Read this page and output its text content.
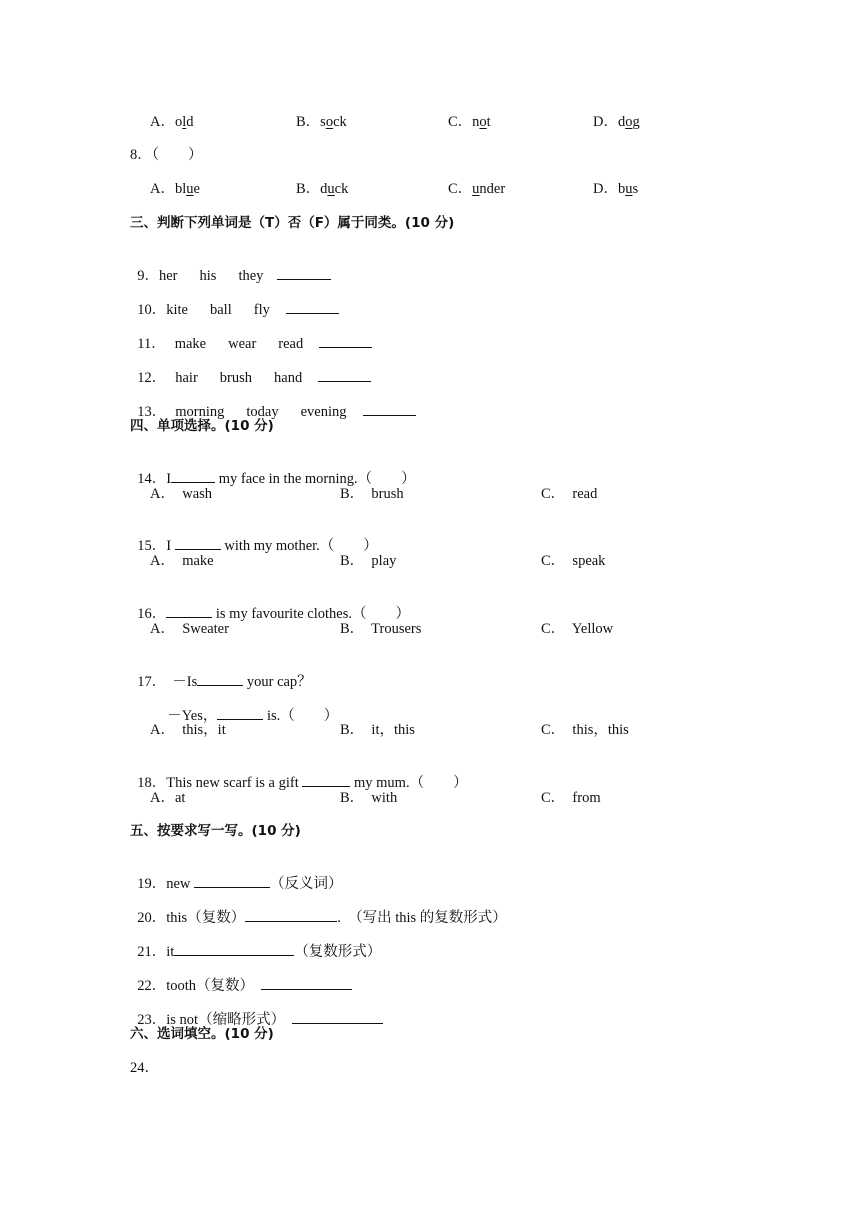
A．old	B．sock	C．not	D．dog
8．（　　）
A．blue	B．duck	C．under	D．bus
三、判断下列单词是（T）否（F）属于同类。(10 分)

9．her his they

10．kite ball fly

11． make wear read

12． hair brush hand

13． morning today evening

四、单项选择。(10 分)

14．I	my face in the morning.（　　）

A．  wash	B．  brush	C．  read

15．I	with my mother.（　　）

A．  make	B．  play	C．  speak

16．	is my favourite clothes.（　　）

A．  Sweater	B．  Trousers	C．  Yellow

17． －Is	your cap？

－Yes，	is.（　　）

A．  this，it	B．  it，this	C．  this，this

18．This new scarf is a gift	my mum.（　　）

A．at	B．  with	C．  from
五、按要求写一写。(10 分)

19．new	（反义词）

20．this（复数）	.　（写出 this 的复数形式）

21．it	（复数形式）

22．tooth（复数）

23．is not（缩略形式）

六、选词填空。(10 分)
24．
